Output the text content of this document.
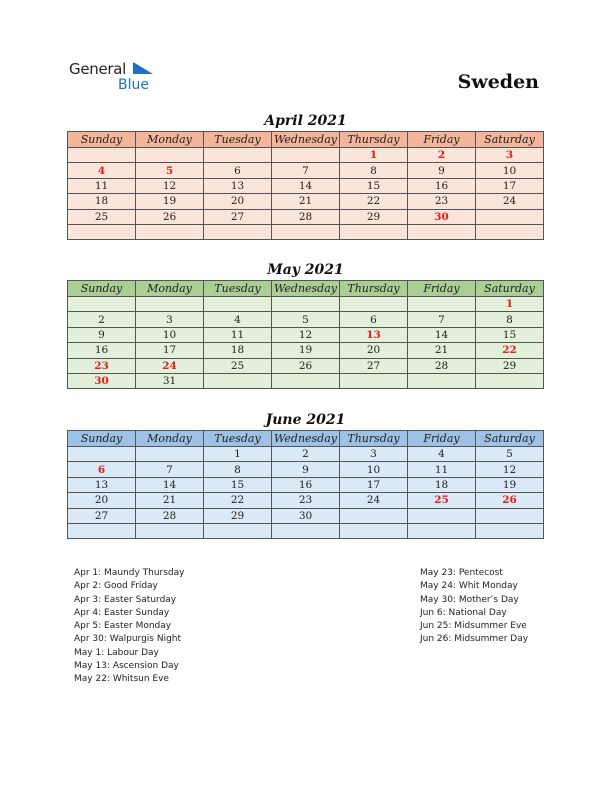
General
Blue	Sweden
April 2021
Sunday	Monday	Tuesday	Wednesday	Thursday	Friday	Saturday
				1	2	3
4	5	6	7	8	9	10
11	12	13	14	15	16	17
18	19	20	21	22	23	24
25	26	27	28	29	30	

May 2021
Sunday	Monday	Tuesday	Wednesday	Thursday	Friday	Saturday
						1
2	3	4	5	6	7	8
9	10	11	12	13	14	15
16	17	18	19	20	21	22
23	24	25	26	27	28	29
30	31					
June 2021
Sunday	Monday	Tuesday	Wednesday	Thursday	Friday	Saturday
		1	2	3	4	5
6	7	8	9	10	11	12
13	14	15	16	17	18	19
20	21	22	23	24	25	26
27	28	29	30			

Apr 1: Maundy Thursday
Apr 2: Good Friday
Apr 3: Easter Saturday
Apr 4: Easter Sunday
Apr 5: Easter Monday
Apr 30: Walpurgis Night
May 1: Labour Day
May 13: Ascension Day
May 22: Whitsun Eve
May 23: Pentecost
May 24: Whit Monday
May 30: Mother’s Day
Jun 6: National Day
Jun 25: Midsummer Eve
Jun 26: Midsummer Day
